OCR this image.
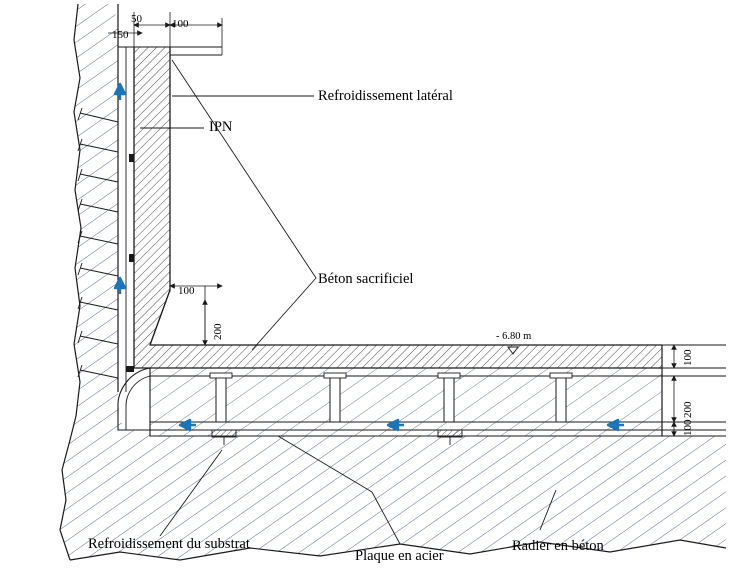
Refroidissement latéral
IPN
Béton sacrificiel
Refroidissement du substrat
Plaque en acier
Radier en béton
150
50	100
100
200
100
200
100
- 6.80 m
